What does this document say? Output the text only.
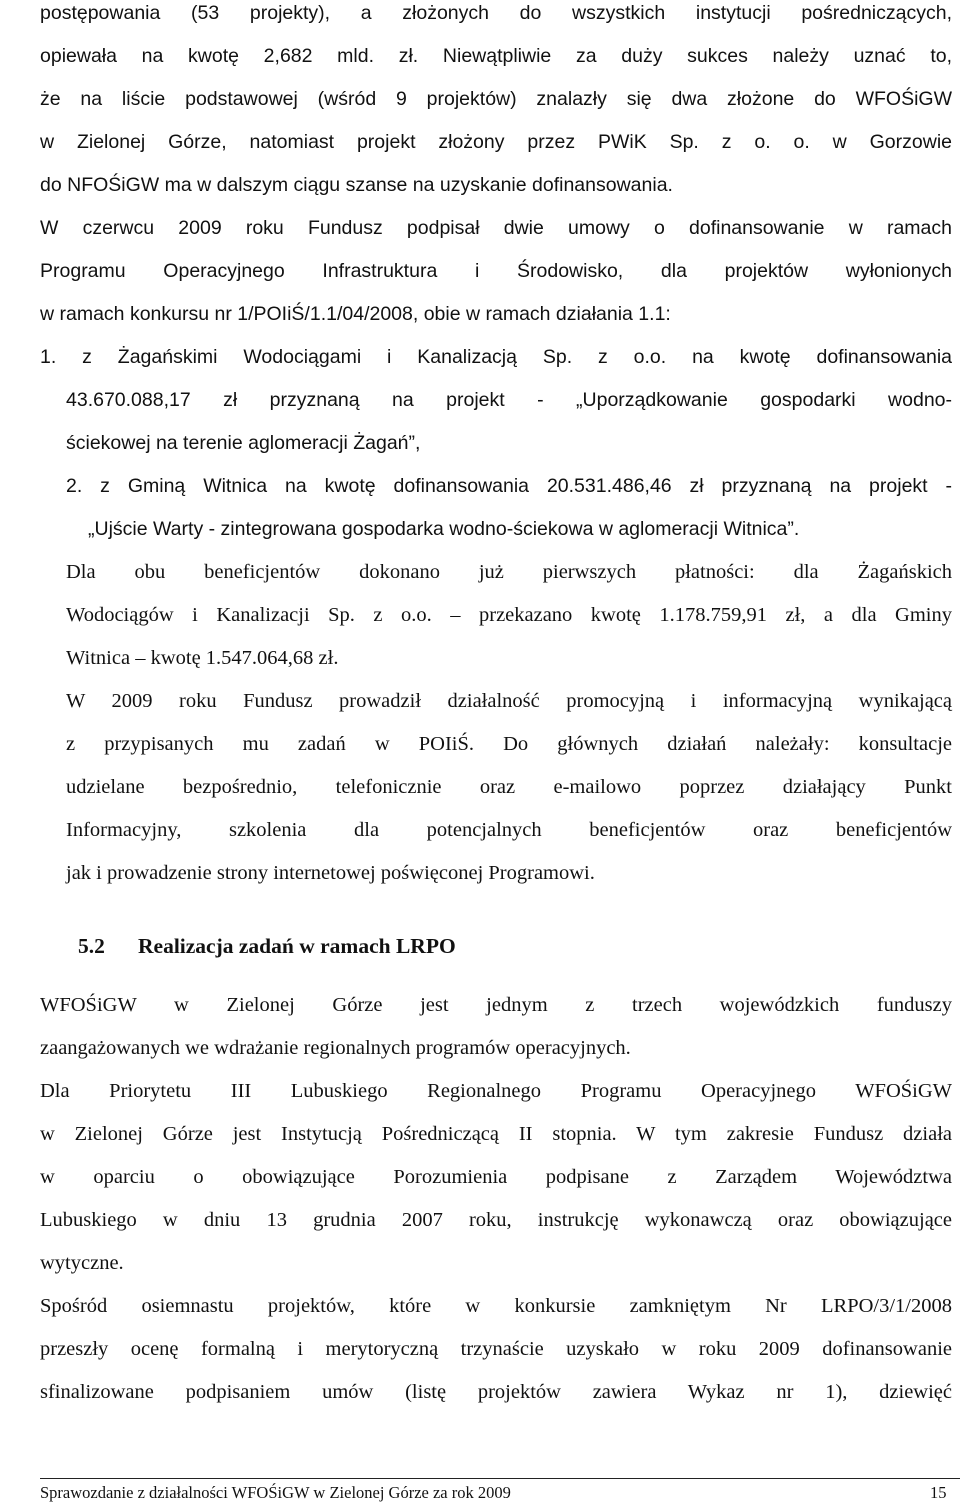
postępowania (53 projekty), a złożonych do wszystkich instytucji pośredniczących,
opiewała na kwotę 2,682 mld. zł. Niewątpliwie za duży sukces należy uznać to,
że na liście podstawowej (wśród 9 projektów) znalazły się dwa złożone do WFOŚiGW
w Zielonej Górze, natomiast projekt złożony przez PWiK Sp. z o. o. w Gorzowie
do NFOŚiGW ma w dalszym ciągu szanse na uzyskanie dofinansowania.
W czerwcu 2009 roku Fundusz podpisał dwie umowy o dofinansowanie w ramach
Programu Operacyjnego Infrastruktura i Środowisko, dla projektów wyłonionych
w ramach konkursu nr 1/POIiŚ/1.1/04/2008, obie w ramach działania 1.1:
1. z Żagańskimi Wodociągami i Kanalizacją Sp. z o.o. na kwotę dofinansowania
43.670.088,17 zł przyznaną na projekt - „Uporządkowanie gospodarki wodno-
ściekowej na terenie aglomeracji Żagań”,
2. z Gminą Witnica na kwotę dofinansowania 20.531.486,46 zł przyznaną na projekt -
„Ujście Warty - zintegrowana gospodarka wodno-ściekowa w aglomeracji Witnica”.
Dla obu beneficjentów dokonano już pierwszych płatności: dla Żagańskich
Wodociągów i Kanalizacji Sp. z o.o. – przekazano kwotę 1.178.759,91 zł, a dla Gminy
Witnica – kwotę 1.547.064,68 zł.
W 2009 roku Fundusz prowadził działalność promocyjną i informacyjną wynikającą
z przypisanych mu zadań w POIiŚ. Do głównych działań należały: konsultacje
udzielane bezpośrednio, telefonicznie oraz e-mailowo poprzez działający Punkt
Informacyjny, szkolenia dla potencjalnych beneficjentów oraz beneficjentów
jak i prowadzenie strony internetowej poświęconej Programowi.
5.2 Realizacja zadań w ramach LRPO
WFOŚiGW w Zielonej Górze jest jednym z trzech wojewódzkich funduszy
zaangażowanych we wdrażanie regionalnych programów operacyjnych.
Dla Priorytetu III Lubuskiego Regionalnego Programu Operacyjnego WFOŚiGW
w Zielonej Górze jest Instytucją Pośredniczącą II stopnia. W tym zakresie Fundusz działa
w oparciu o obowiązujące Porozumienia podpisane z Zarządem Województwa
Lubuskiego w dniu 13 grudnia 2007 roku, instrukcję wykonawczą oraz obowiązujące
wytyczne.
Spośród osiemnastu projektów, które w konkursie zamkniętym Nr LRPO/3/1/2008
przeszły ocenę formalną i merytoryczną trzynaście uzyskało w roku 2009 dofinansowanie
sfinalizowane podpisaniem umów (listę projektów zawiera Wykaz nr 1), dziewięć
Sprawozdanie z działalności WFOŚiGW w Zielonej Górze za rok 2009	15
